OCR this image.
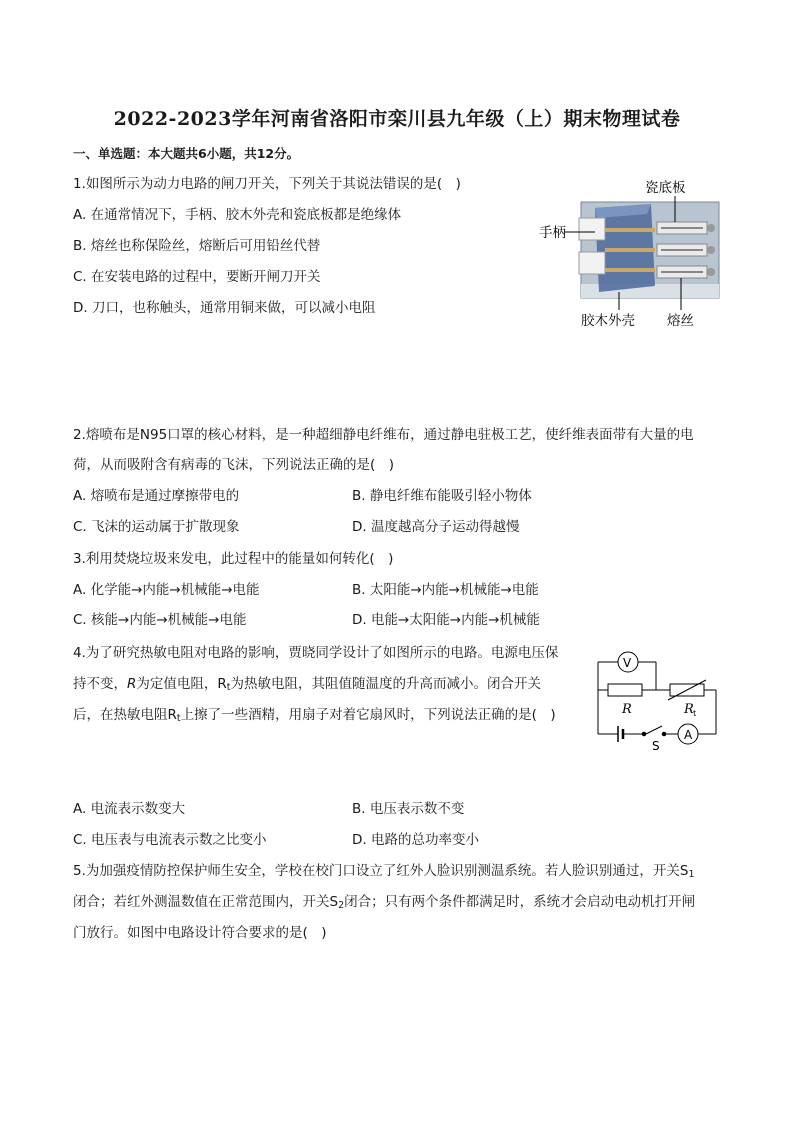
2022-2023学年河南省洛阳市栾川县九年级（上）期末物理试卷
一、单选题：本大题共6小题，共12分。
1.如图所示为动力电路的闸刀开关，下列关于其说法错误的是(　)
A. 在通常情况下，手柄、胶木外壳和瓷底板都是绝缘体
B. 熔丝也称保险丝，熔断后可用铅丝代替
C. 在安装电路的过程中，要断开闸刀开关
D. 刀口，也称触头，通常用铜来做，可以减小电阻
瓷底板
手柄
胶木外壳 熔丝
2.熔喷布是N95口罩的核心材料，是一种超细静电纤维布，通过静电驻极工艺，使纤维表面带有大量的电
荷，从而吸附含有病毒的飞沫，下列说法正确的是(　)
A. 熔喷布是通过摩擦带电的	B. 静电纤维布能吸引轻小物体
C. 飞沫的运动属于扩散现象	D. 温度越高分子运动得越慢
3.利用焚烧垃圾来发电，此过程中的能量如何转化(　)
A. 化学能→内能→机械能→电能	B. 太阳能→内能→机械能→电能
C. 核能→内能→机械能→电能	D. 电能→太阳能→内能→机械能
4.为了研究热敏电阻对电路的影响，贾晓同学设计了如图所示的电路。电源电压保
持不变，R为定值电阻，$R_t$为热敏电阻，其阻值随温度的升高而减小。闭合开关
后，在热敏电阻$R_t$上擦了一些酒精，用扇子对着它扇风时，下列说法正确的是(　)
V
A
R	R t
S
A. 电流表示数变大	B. 电压表示数不变
C. 电压表与电流表示数之比变小	D. 电路的总功率变小
5.为加强疫情防控保护师生安全，学校在校门口设立了红外人脸识别测温系统。若人脸识别通过，开关$S_1$
闭合；若红外测温数值在正常范围内，开关$S_2$闭合；只有两个条件都满足时，系统才会启动电动机打开闸
门放行。如图中电路设计符合要求的是(　)
